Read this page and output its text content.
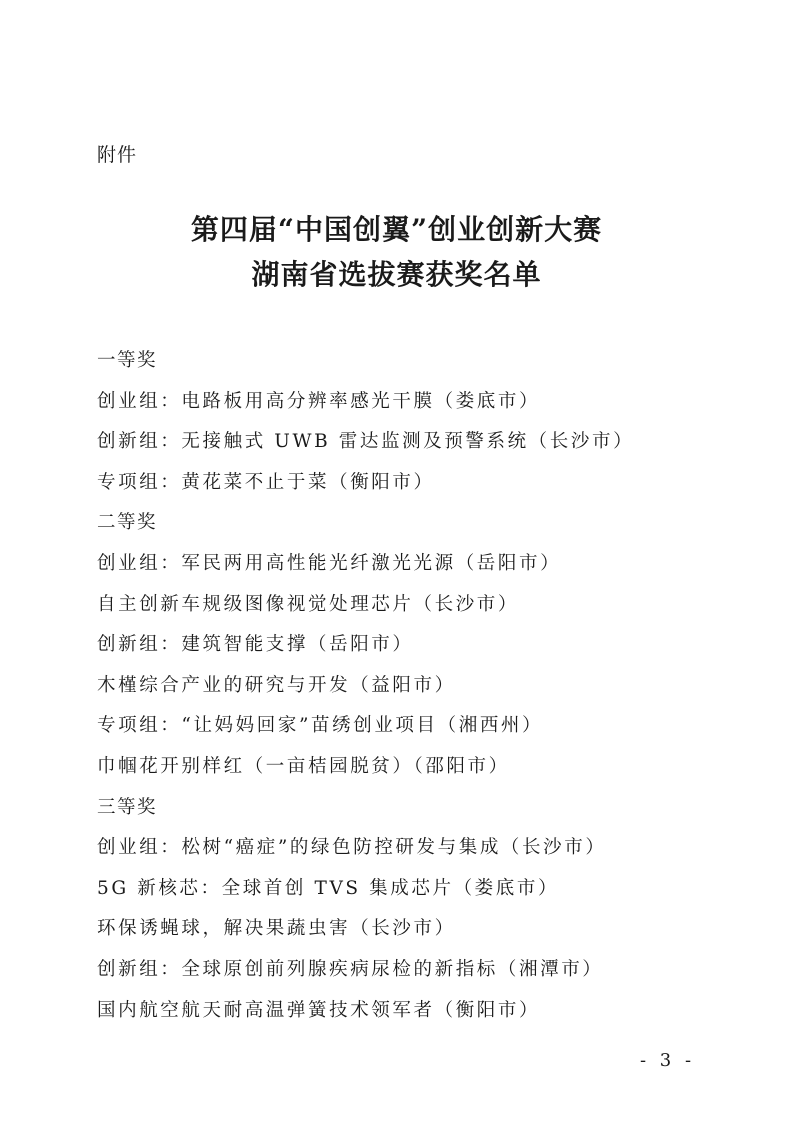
附件
第四届“中国创翼”创业创新大赛
湖南省选拔赛获奖名单
一等奖
创业组：电路板用高分辨率感光干膜（娄底市）
创新组：无接触式 UWB 雷达监测及预警系统（长沙市）
专项组：黄花菜不止于菜（衡阳市）
二等奖
创业组：军民两用高性能光纤激光光源（岳阳市）
自主创新车规级图像视觉处理芯片（长沙市）
创新组：建筑智能支撑（岳阳市）
木槿综合产业的研究与开发（益阳市）
专项组：“让妈妈回家”苗绣创业项目（湘西州）
巾帼花开别样红（一亩桔园脱贫）（邵阳市）
三等奖
创业组：松树“癌症”的绿色防控研发与集成（长沙市）
5G 新核芯：全球首创 TVS 集成芯片（娄底市）
环保诱蝇球，解决果蔬虫害（长沙市）
创新组：全球原创前列腺疾病尿检的新指标（湘潭市）
国内航空航天耐高温弹簧技术领军者（衡阳市）
- 3 -
